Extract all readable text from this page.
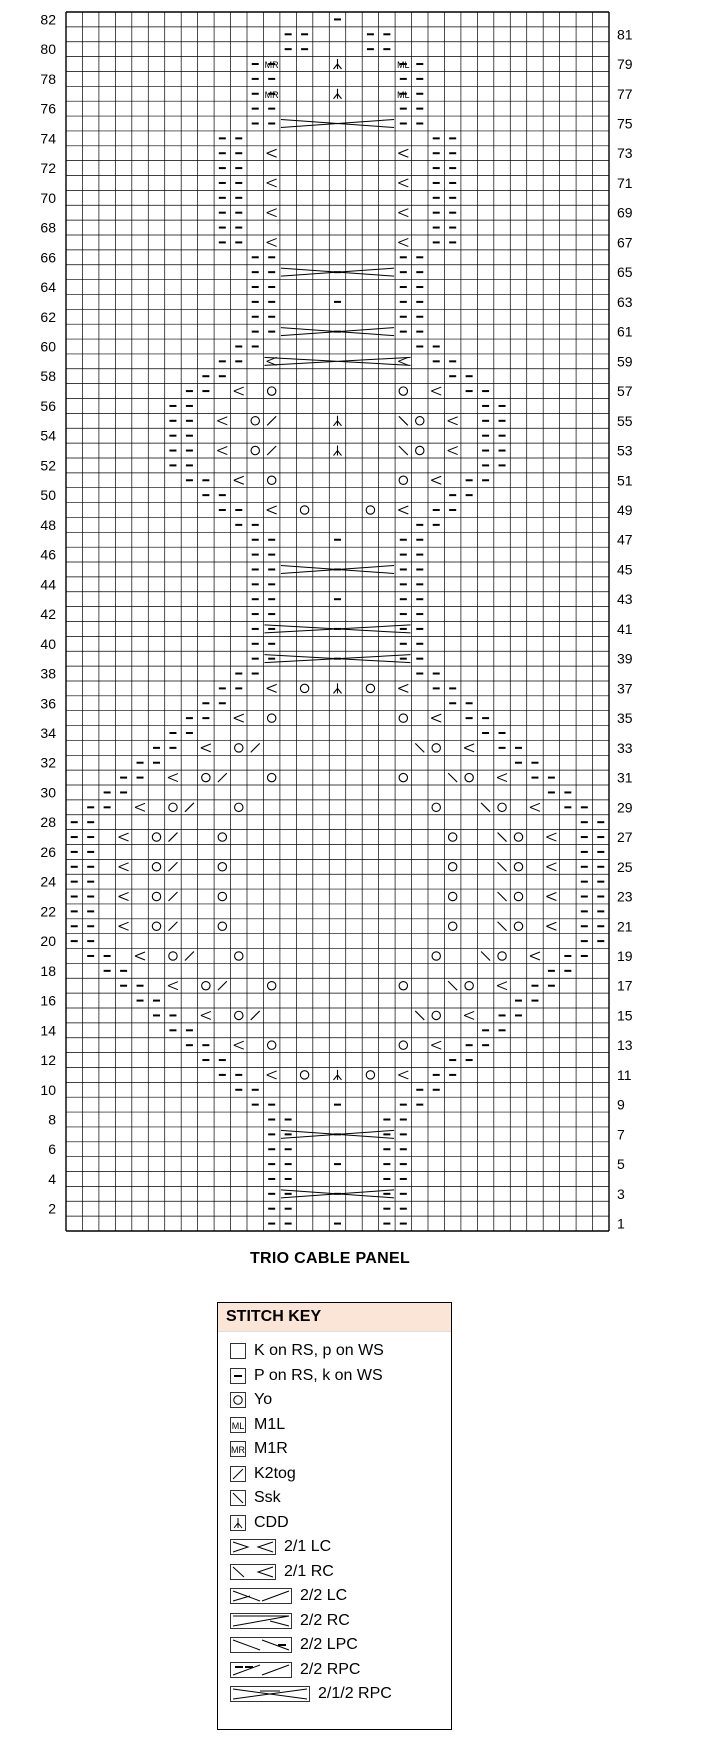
MR	ML
MR	ML
82
80
78
76
74
72
70
68
66
64
62
60
58
56
54
52
50
48
46
44
42
40
38
36
34
32
30
28
26
24
22
20
18
16
14
12
10
8
6
4
2
81
79
77
75
73
71
69
67
65
63
61
59
57
55
53
51
49
47
45
43
41
39
37
35
33
31
29
27
25
23
21
19
17
15
13
11
9
7
5
3
1
TRIO CABLE PANEL
STITCH KEY
K on RS, p on WS
P on RS, k on WS
Yo
ML M1L
MR M1R
K2tog
Ssk
CDD
2/1 LC
2/1 RC
2/2 LC
2/2 RC
2/2 LPC
2/2 RPC
2/1/2 RPC
